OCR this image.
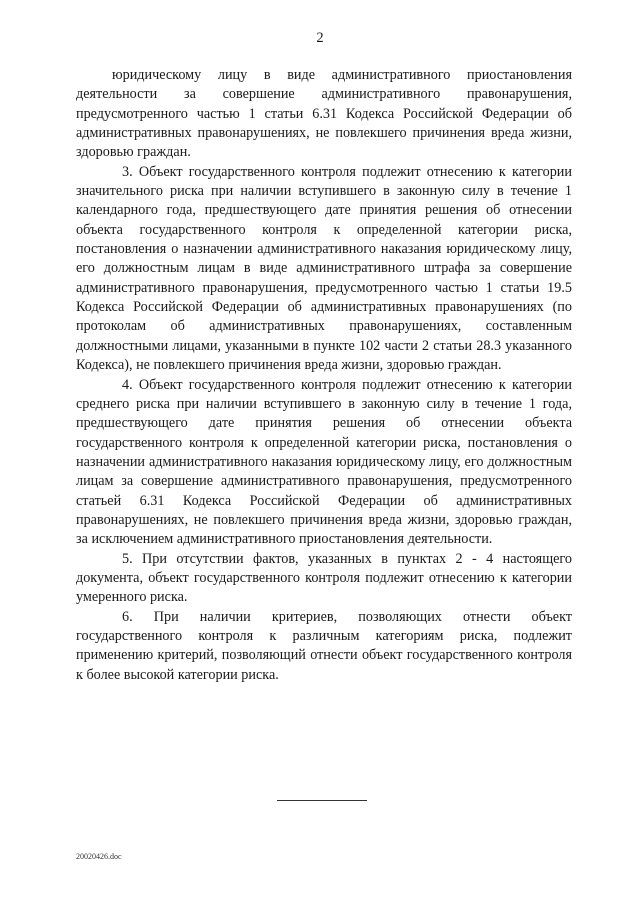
2

юридическому лицу в виде административного приостановления деятельности за совершение административного правонарушения, предусмотренного частью 1 статьи 6.31 Кодекса Российской Федерации об административных правонарушениях, не повлекшего причинения вреда жизни, здоровью граждан.

3. Объект государственного контроля подлежит отнесению к категории значительного риска при наличии вступившего в законную силу в течение 1 календарного года, предшествующего дате принятия решения об отнесении объекта государственного контроля к определенной категории риска, постановления о назначении административного наказания юридическому лицу, его должностным лицам в виде административного штрафа за совершение административного правонарушения, предусмотренного частью 1 статьи 19.5 Кодекса Российской Федерации об административных правонарушениях (по протоколам об административных правонарушениях, составленным должностными лицами, указанными в пункте 102 части 2 статьи 28.3 указанного Кодекса), не повлекшего причинения вреда жизни, здоровью граждан.

4. Объект государственного контроля подлежит отнесению к категории среднего риска при наличии вступившего в законную силу в течение 1 года, предшествующего дате принятия решения об отнесении объекта государственного контроля к определенной категории риска, постановления о назначении административного наказания юридическому лицу, его должностным лицам за совершение административного правонарушения, предусмотренного статьей 6.31 Кодекса Российской Федерации об административных правонарушениях, не повлекшего причинения вреда жизни, здоровью граждан, за исключением административного приостановления деятельности.

5. При отсутствии фактов, указанных в пунктах 2 - 4 настоящего документа, объект государственного контроля подлежит отнесению к категории умеренного риска.

6. При наличии критериев, позволяющих отнести объект государственного контроля к различным категориям риска, подлежит применению критерий, позволяющий отнести объект государственного контроля к более высокой категории риска.

20020426.doc
